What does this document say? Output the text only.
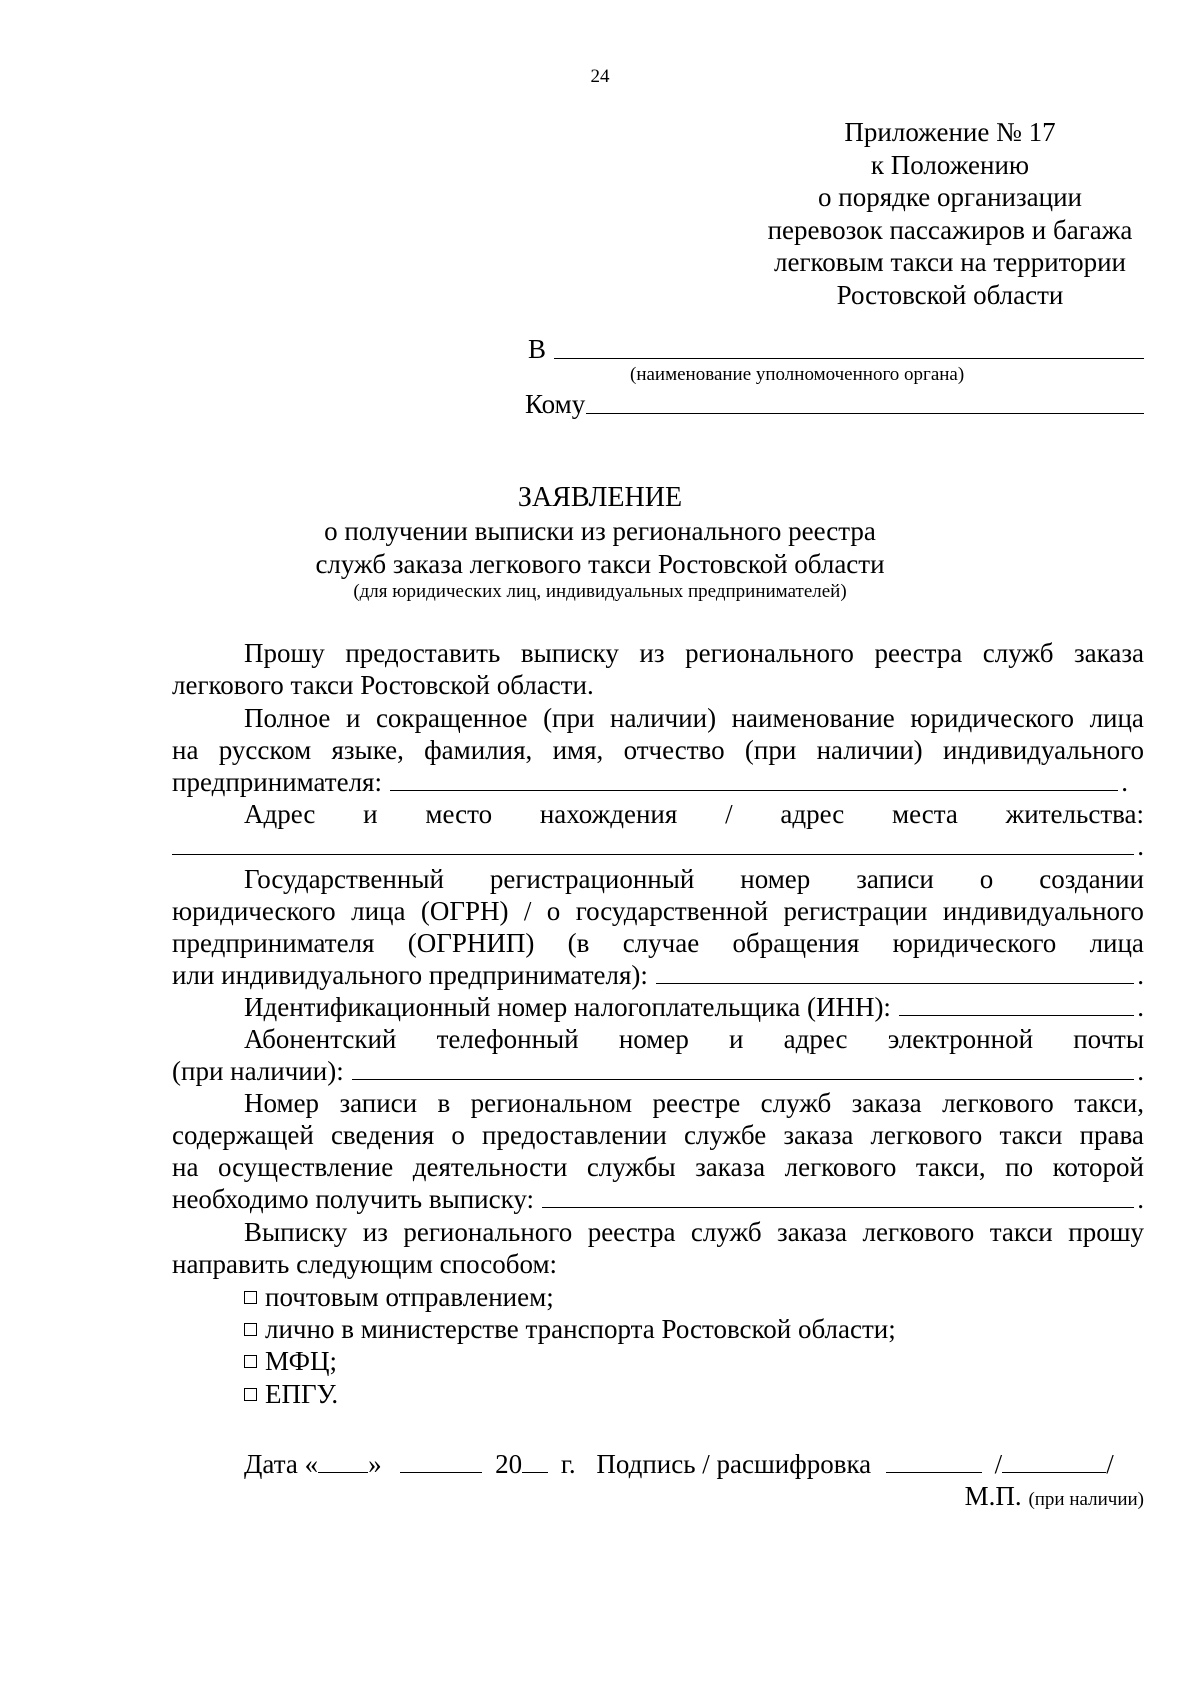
24
Приложение № 17
к Положению
о порядке организации
перевозок пассажиров и багажа
легковым такси на территории
Ростовской области
В
(наименование уполномоченного органа)
Кому
ЗАЯВЛЕНИЕ
о получении выписки из регионального реестра
служб заказа легкового такси Ростовской области
(для юридических лиц, индивидуальных предпринимателей)
Прошу предоставить выписку из регионального реестра служб заказа
легкового такси Ростовской области.
Полное и сокращенное (при наличии) наименование юридического лица
на русском языке, фамилия, имя, отчество (при наличии) индивидуального
предпринимателя:	.
Адрес и место нахождения / адрес места жительства:
.
Государственный регистрационный номер записи о создании
юридического лица (ОГРН) / о государственной регистрации индивидуального
предпринимателя (ОГРНИП) (в случае обращения юридического лица
или индивидуального предпринимателя):	.
Идентификационный номер налогоплательщика (ИНН):	.
Абонентский телефонный номер и адрес электронной почты
(при наличии):	.
Номер записи в региональном реестре служб заказа легкового такси,
содержащей сведения о предоставлении службе заказа легкового такси права
на осуществление деятельности службы заказа легкового такси, по которой
необходимо получить выписку:	.
Выписку из регионального реестра служб заказа легкового такси прошу
направить следующим способом:
почтовым отправлением;
лично в министерстве транспорта Ростовской области;
МФЦ;
ЕПГУ.
Дата « »	20 г. Подпись / расшифровка	/	/
М.П. (при наличии)
